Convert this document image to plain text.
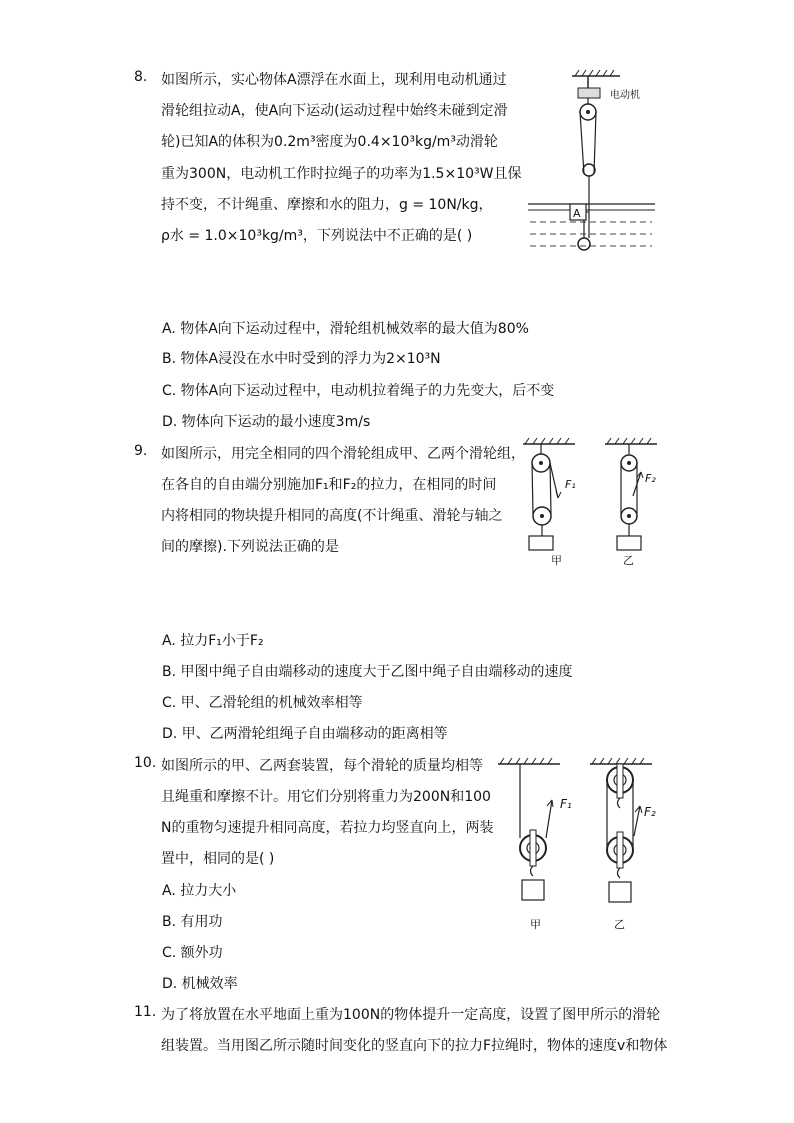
8. 如图所示，实心物体A漂浮在水面上，现利用电动机通过
滑轮组拉动A，使A向下运动(运动过程中始终未碰到定滑
轮)已知A的体积为0.2m³密度为0.4×10³kg/m³动滑轮
重为300N，电动机工作时拉绳子的功率为1.5×10³W且保
持不变，不计绳重、摩擦和水的阻力，g = 10N/kg，
ρ水 = 1.0×10³kg/m³，下列说法中不正确的是( )
电动机
A
A. 物体A向下运动过程中，滑轮组机械效率的最大值为80%
B. 物体A浸没在水中时受到的浮力为2×10³N
C. 物体A向下运动过程中，电动机拉着绳子的力先变大，后不变
D. 物体向下运动的最小速度3m/s
9. 如图所示，用完全相同的四个滑轮组成甲、乙两个滑轮组，
在各自的自由端分别施加F₁和F₂的拉力，在相同的时间
内将相同的物块提升相同的高度(不计绳重、滑轮与轴之
间的摩擦).下列说法正确的是
F₁
甲
F₂
乙
A. 拉力F₁小于F₂
B. 甲图中绳子自由端移动的速度大于乙图中绳子自由端移动的速度
C. 甲、乙滑轮组的机械效率相等
D. 甲、乙两滑轮组绳子自由端移动的距离相等
10. 如图所示的甲、乙两套装置，每个滑轮的质量均相等
且绳重和摩擦不计。用它们分别将重力为200N和100
N的重物匀速提升相同高度，若拉力均竖直向上，两装
置中，相同的是( )
F₁
甲
F₂
乙
A. 拉力大小
B. 有用功
C. 额外功
D. 机械效率
11. 为了将放置在水平地面上重为100N的物体提升一定高度，设置了图甲所示的滑轮
组装置。当用图乙所示随时间变化的竖直向下的拉力F拉绳时，物体的速度v和物体
